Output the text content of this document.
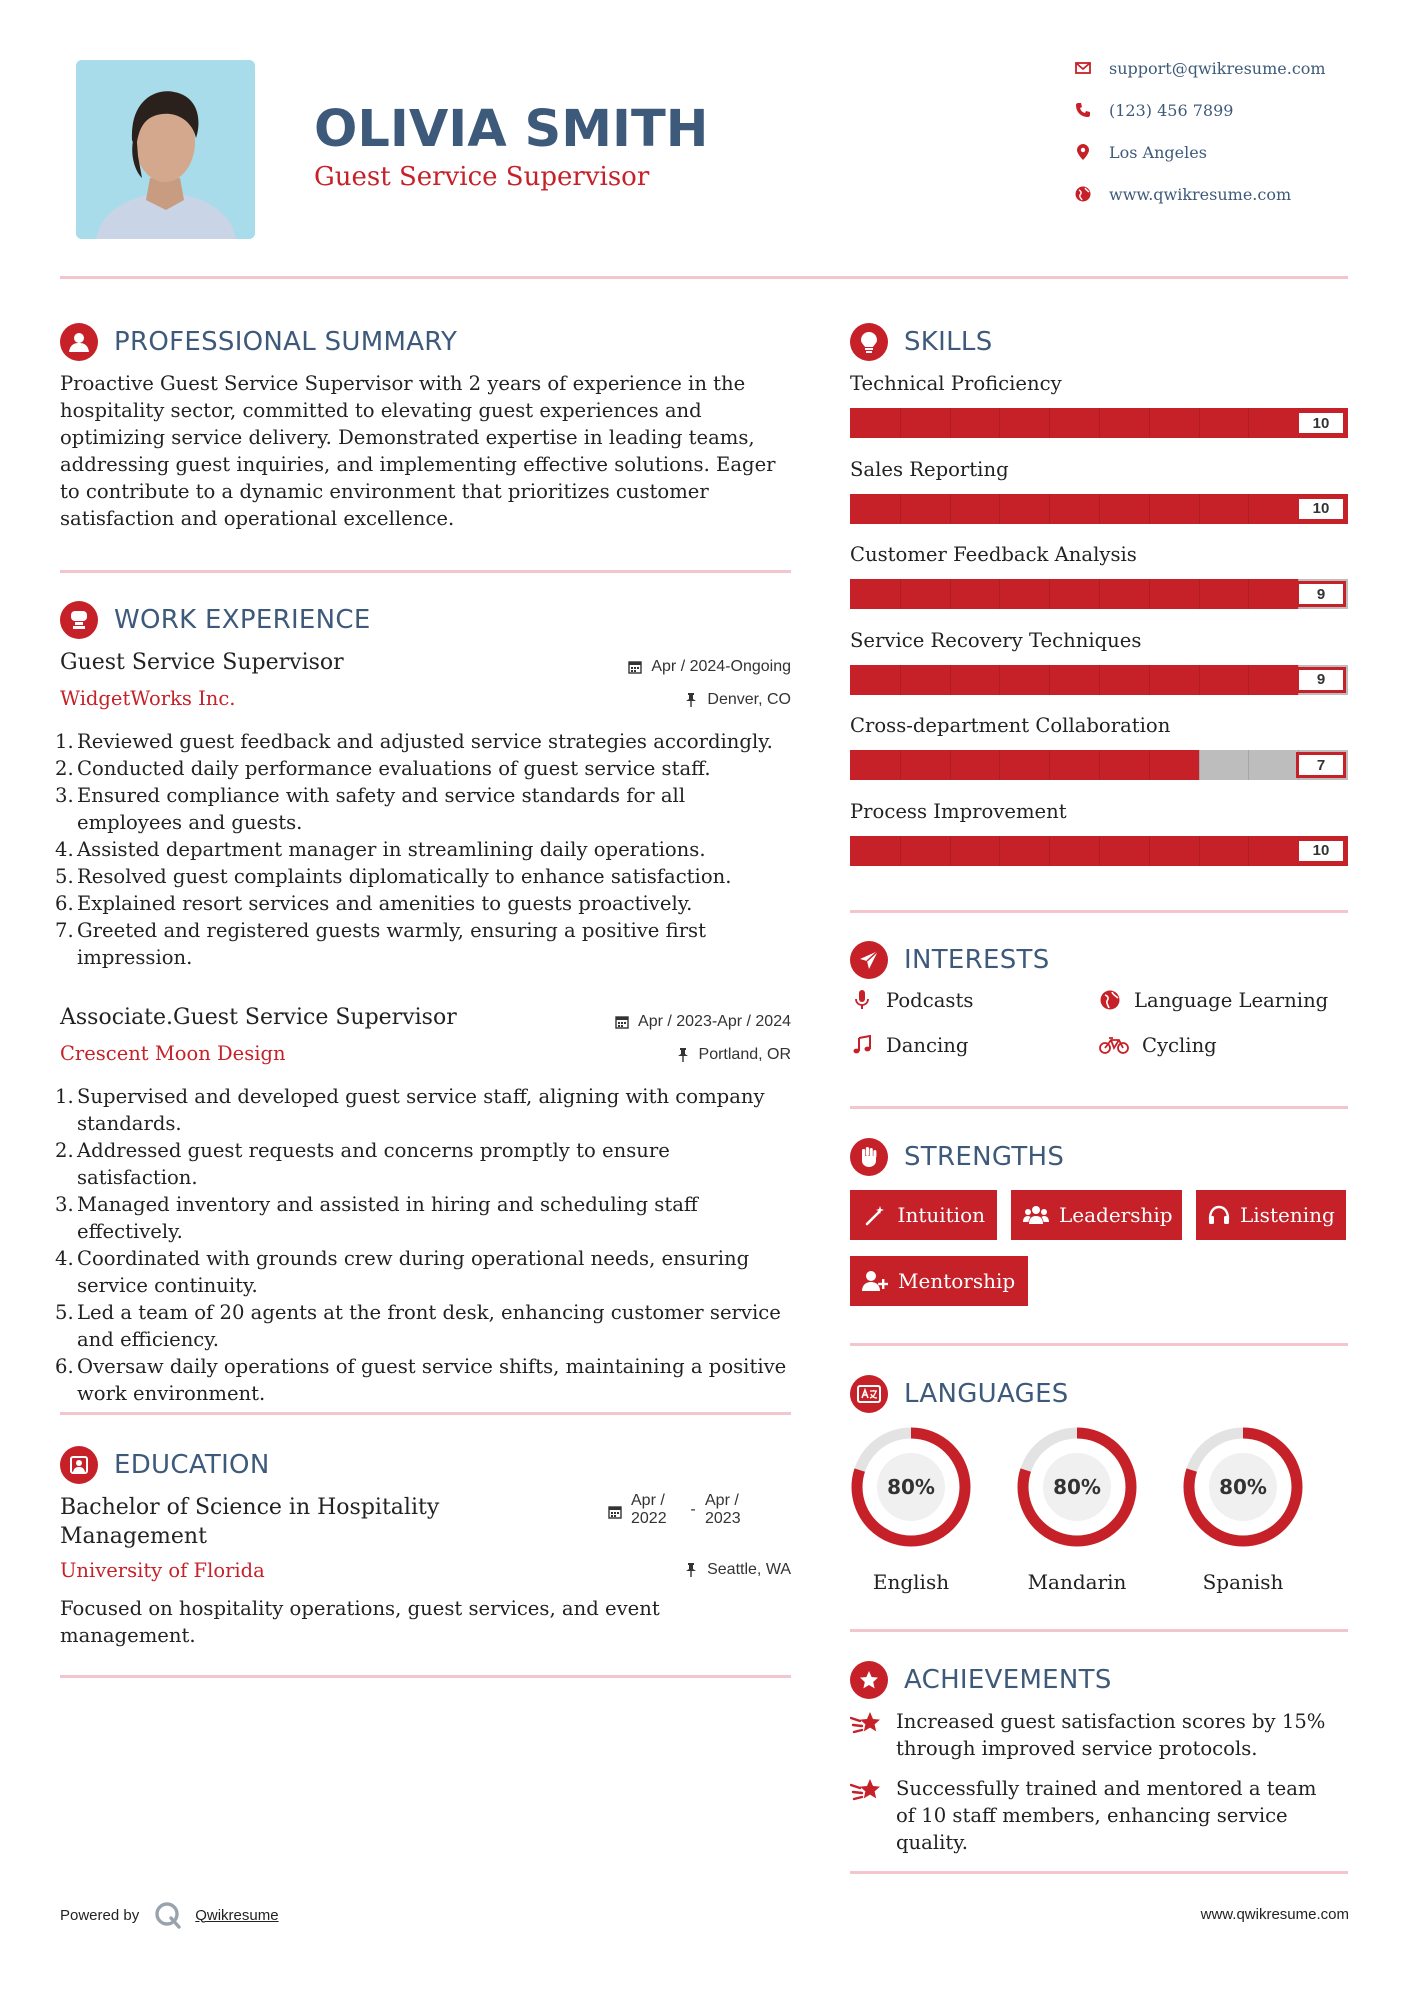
OLIVIA SMITH
Guest Service Supervisor
support@qwikresume.com
(123) 456 7899
Los Angeles
www.qwikresume.com
PROFESSIONAL SUMMARY
Proactive Guest Service Supervisor with 2 years of experience in the hospitality sector, committed to elevating guest experiences and optimizing service delivery. Demonstrated expertise in leading teams, addressing guest inquiries, and implementing effective solutions. Eager to contribute to a dynamic environment that prioritizes customer satisfaction and operational excellence.
WORK EXPERIENCE
Guest Service Supervisor	Apr / 2024-Ongoing
WidgetWorks Inc.	Denver, CO
1. Reviewed guest feedback and adjusted service strategies accordingly.
2. Conducted daily performance evaluations of guest service staff.
3. Ensured compliance with safety and service standards for all employees and guests.
4. Assisted department manager in streamlining daily operations.
5. Resolved guest complaints diplomatically to enhance satisfaction.
6. Explained resort services and amenities to guests proactively.
7. Greeted and registered guests warmly, ensuring a positive first impression.
Associate.Guest Service Supervisor	Apr / 2023-Apr / 2024
Crescent Moon Design	Portland, OR
1. Supervised and developed guest service staff, aligning with company standards.
2. Addressed guest requests and concerns promptly to ensure satisfaction.
3. Managed inventory and assisted in hiring and scheduling staff effectively.
4. Coordinated with grounds crew during operational needs, ensuring service continuity.
5. Led a team of 20 agents at the front desk, enhancing customer service and efficiency.
6. Oversaw daily operations of guest service shifts, maintaining a positive work environment.
EDUCATION
Bachelor of Science in Hospitality Management
Apr / 2022
-
Apr / 2023
University of Florida	Seattle, WA
Focused on hospitality operations, guest services, and event management.
SKILLS
Technical Proficiency
10
Sales Reporting
10
Customer Feedback Analysis
9
Service Recovery Techniques
9
Cross-department Collaboration
7
Process Improvement
10
INTERESTS
Podcasts	Language Learning
Dancing	Cycling
STRENGTHS
Intuition	Leadership	Listening
Mentorship
LANGUAGES
80%
English
80%
Mandarin
80%
Spanish
ACHIEVEMENTS
Increased guest satisfaction scores by 15% through improved service protocols.
Successfully trained and mentored a team of 10 staff members, enhancing service quality.
Powered by	Qwikresume	www.qwikresume.com
